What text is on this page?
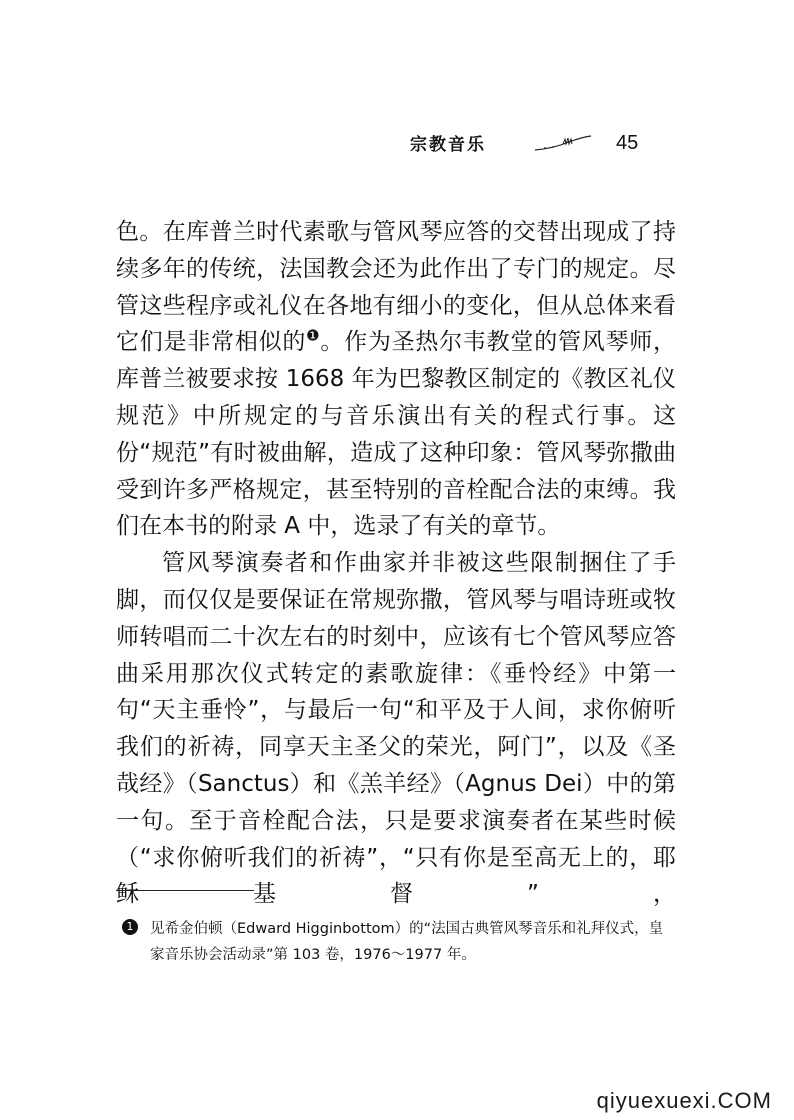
宗教音乐	45

色。在库普兰时代素歌与管风琴应答的交替出现成了持续多年的传统，法国教会还为此作出了专门的规定。尽管这些程序或礼仪在各地有细小的变化，但从总体来看它们是非常相似的$^❶$。作为圣热尔韦教堂的管风琴师，库普兰被要求按 1668 年为巴黎教区制定的《教区礼仪规范》中所规定的与音乐演出有关的程式行事。这份“规范”有时被曲解，造成了这种印象：管风琴弥撒曲受到许多严格规定，甚至特别的音栓配合法的束缚。我们在本书的附录 A 中，选录了有关的章节。

管风琴演奏者和作曲家并非被这些限制捆住了手脚，而仅仅是要保证在常规弥撒，管风琴与唱诗班或牧师转唱而二十次左右的时刻中，应该有七个管风琴应答曲采用那次仪式转定的素歌旋律：《垂怜经》中第一句“天主垂怜”，与最后一句“和平及于人间，求你俯听我们的祈祷，同享天主圣父的荣光，阿门”，以及《圣哉经》（Sanctus）和《羔羊经》（Agnus Dei）中的第一句。至于音栓配合法，只是要求演奏者在某些时候（“求你俯听我们的祈祷”，“只有你是至高无上的，耶稣基督”，

1	见希金伯顿（Edward Higginbottom）的“法国古典管风琴音乐和礼拜仪式，皇家音乐协会活动录”第 103 卷，1976～1977 年。
qiyuexuexi.COM
